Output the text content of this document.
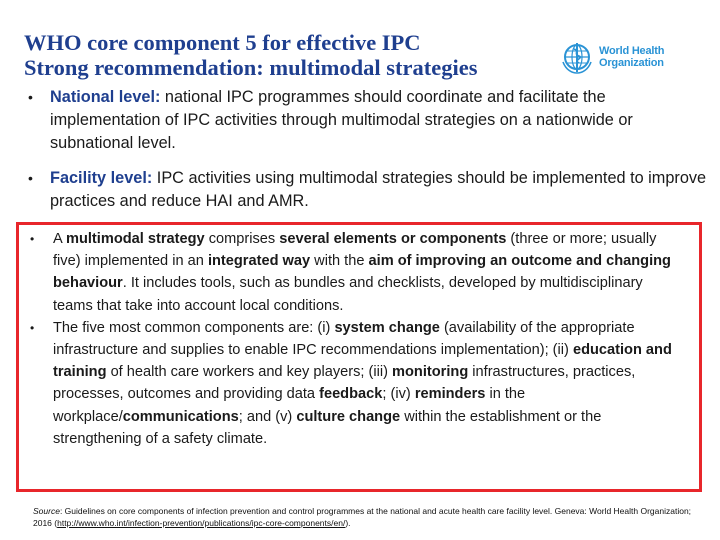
WHO core component 5 for effective IPC
Strong recommendation: multimodal strategies
World Health
Organization
• National level: national IPC programmes should coordinate and facilitate the implementation of IPC activities through multimodal strategies on a nationwide or subnational level.
• Facility level: IPC activities using multimodal strategies should be implemented to improve practices and reduce HAI and AMR.
• A multimodal strategy comprises several elements or components (three or more; usually five) implemented in an integrated way with the aim of improving an outcome and changing behaviour. It includes tools, such as bundles and checklists, developed by multidisciplinary teams that take into account local conditions.
• The five most common components are: (i) system change (availability of the appropriate infrastructure and supplies to enable IPC recommendations implementation); (ii) education and training of health care workers and key players; (iii) monitoring infrastructures, practices, processes, outcomes and providing data feedback; (iv) reminders in the workplace/communications; and (v) culture change within the establishment or the strengthening of a safety climate.
Source: Guidelines on core components of infection prevention and control programmes at the national and acute health care facility level. Geneva: World Health Organization; 2016 (http://www.who.int/infection-prevention/publications/ipc-core-components/en/).
